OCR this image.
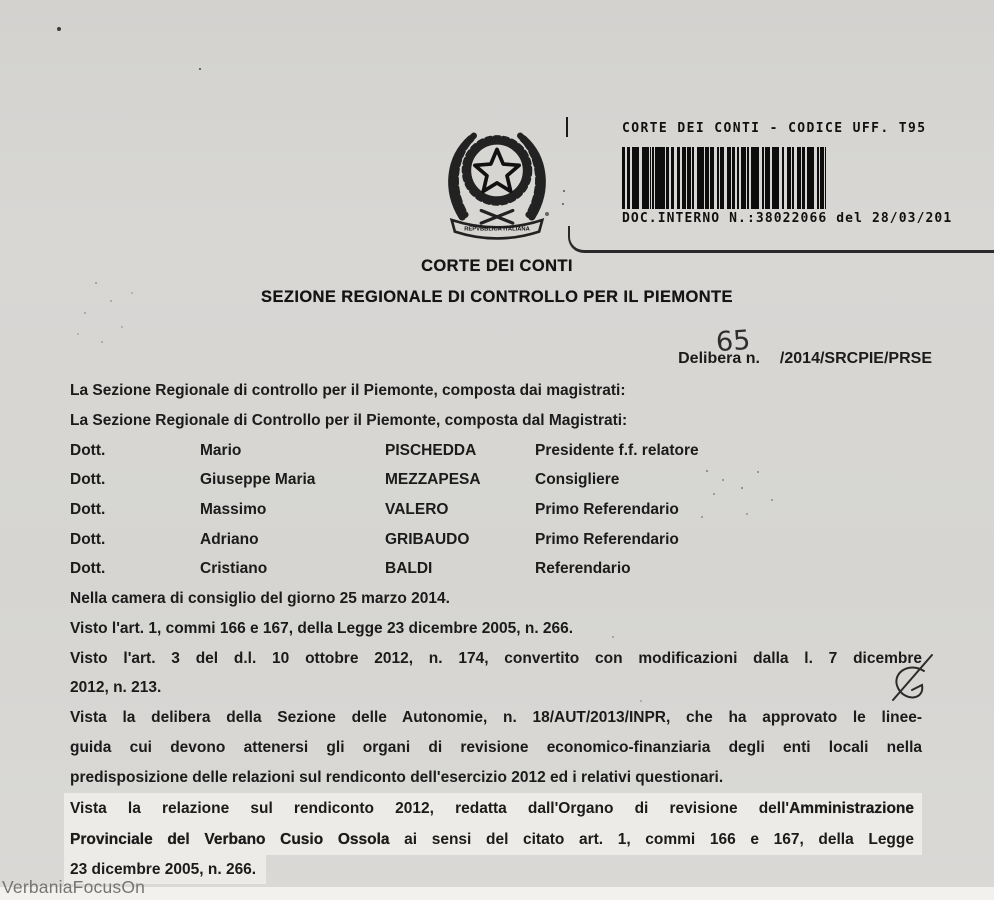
CORTE DEI CONTI - CODICE UFF. T95
DOC.INTERNO N.:38022066 del 28/03/201
REPVBBLICA ITALIANA
CORTE DEI CONTI
SEZIONE REGIONALE DI CONTROLLO PER IL PIEMONTE
Delibera n. /2014/SRCPIE/PRSE
65
La Sezione Regionale di controllo per il Piemonte, composta dai magistrati:
La Sezione Regionale di Controllo per il Piemonte, composta dal Magistrati:
Dott.	Mario	PISCHEDDA	Presidente f.f. relatore
Dott.	Giuseppe Maria	MEZZAPESA	Consigliere
Dott.	Massimo	VALERO	Primo Referendario
Dott.	Adriano	GRIBAUDO	Primo Referendario
Dott.	Cristiano	BALDI	Referendario
Nella camera di consiglio del giorno 25 marzo 2014.
Visto l'art. 1, commi 166 e 167, della Legge 23 dicembre 2005, n. 266.
Visto l'art. 3 del d.l. 10 ottobre 2012, n. 174, convertito con modificazioni dalla l. 7 dicembre
2012, n. 213.
Vista la delibera della Sezione delle Autonomie, n. 18/AUT/2013/INPR, che ha approvato le linee-
guida cui devono attenersi gli organi di revisione economico-finanziaria degli enti locali nella
predisposizione delle relazioni sul rendiconto dell'esercizio 2012 ed i relativi questionari.
Vista la relazione sul rendiconto 2012, redatta dall'Organo di revisione dell'Amministrazione
Provinciale del Verbano Cusio Ossola ai sensi del citato art. 1, commi 166 e 167, della Legge
23 dicembre 2005, n. 266.
VerbaniaFocusOn
